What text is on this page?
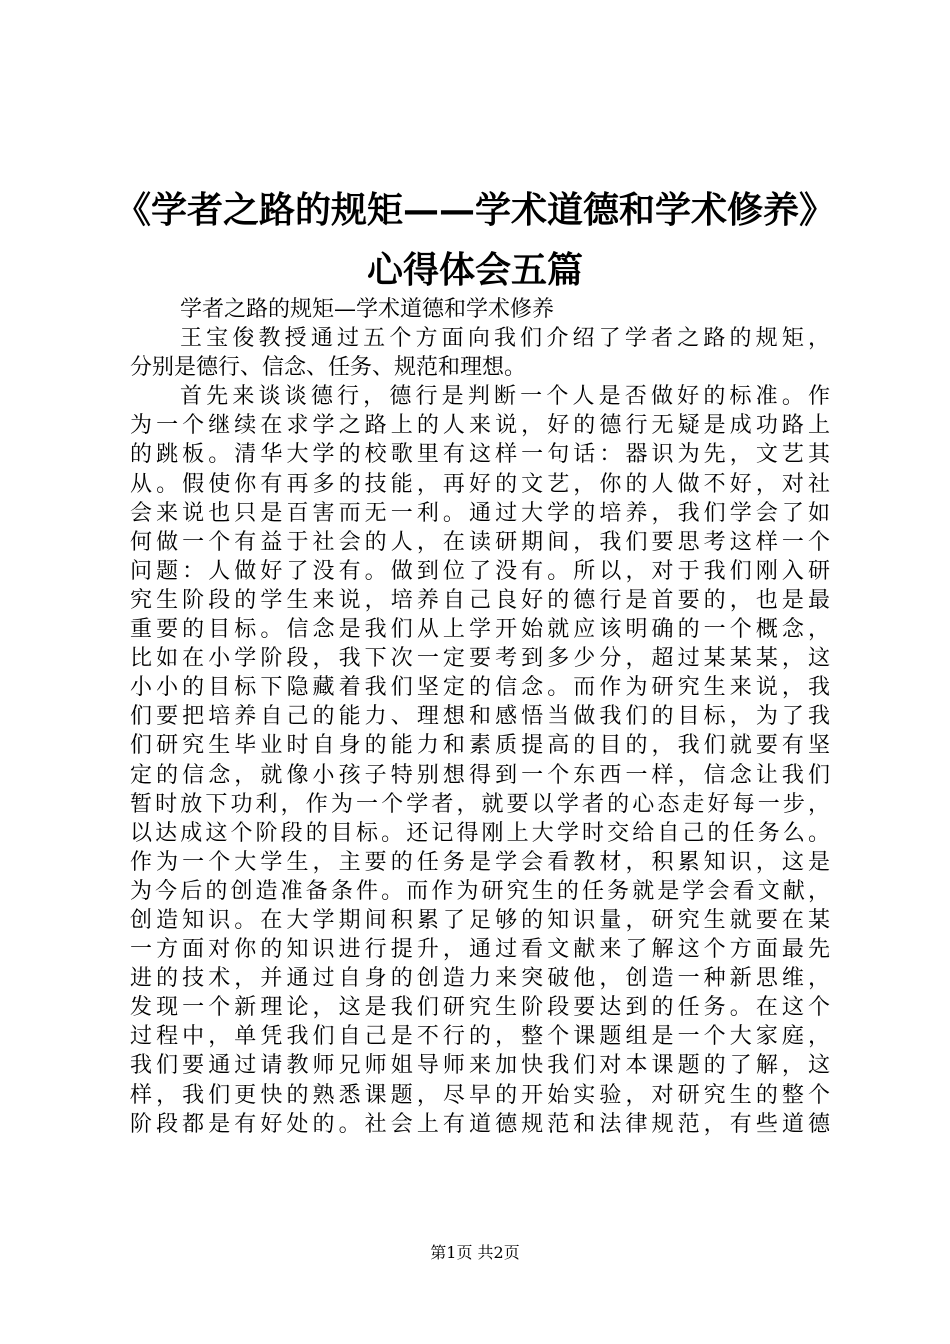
《学者之路的规矩——学术道德和学术修养》
心得体会五篇
学者之路的规矩—学术道德和学术修养
王宝俊教授通过五个方面向我们介绍了学者之路的规矩，
分别是德行、信念、任务、规范和理想。
首先来谈谈德行，德行是判断一个人是否做好的标准。作
为一个继续在求学之路上的人来说，好的德行无疑是成功路上
的跳板。清华大学的校歌里有这样一句话：器识为先，文艺其
从。假使你有再多的技能，再好的文艺，你的人做不好，对社
会来说也只是百害而无一利。通过大学的培养，我们学会了如
何做一个有益于社会的人，在读研期间，我们要思考这样一个
问题：人做好了没有。做到位了没有。所以，对于我们刚入研
究生阶段的学生来说，培养自己良好的德行是首要的，也是最
重要的目标。信念是我们从上学开始就应该明确的一个概念，
比如在小学阶段，我下次一定要考到多少分，超过某某某，这
小小的目标下隐藏着我们坚定的信念。而作为研究生来说，我
们要把培养自己的能力、理想和感悟当做我们的目标，为了我
们研究生毕业时自身的能力和素质提高的目的，我们就要有坚
定的信念，就像小孩子特别想得到一个东西一样，信念让我们
暂时放下功利，作为一个学者，就要以学者的心态走好每一步，
以达成这个阶段的目标。还记得刚上大学时交给自己的任务么。
作为一个大学生，主要的任务是学会看教材，积累知识，这是
为今后的创造准备条件。而作为研究生的任务就是学会看文献，
创造知识。在大学期间积累了足够的知识量，研究生就要在某
一方面对你的知识进行提升，通过看文献来了解这个方面最先
进的技术，并通过自身的创造力来突破他，创造一种新思维，
发现一个新理论，这是我们研究生阶段要达到的任务。在这个
过程中，单凭我们自己是不行的，整个课题组是一个大家庭，
我们要通过请教师兄师姐导师来加快我们对本课题的了解，这
样，我们更快的熟悉课题，尽早的开始实验，对研究生的整个
阶段都是有好处的。社会上有道德规范和法律规范，有些道德
第1页 共2页
